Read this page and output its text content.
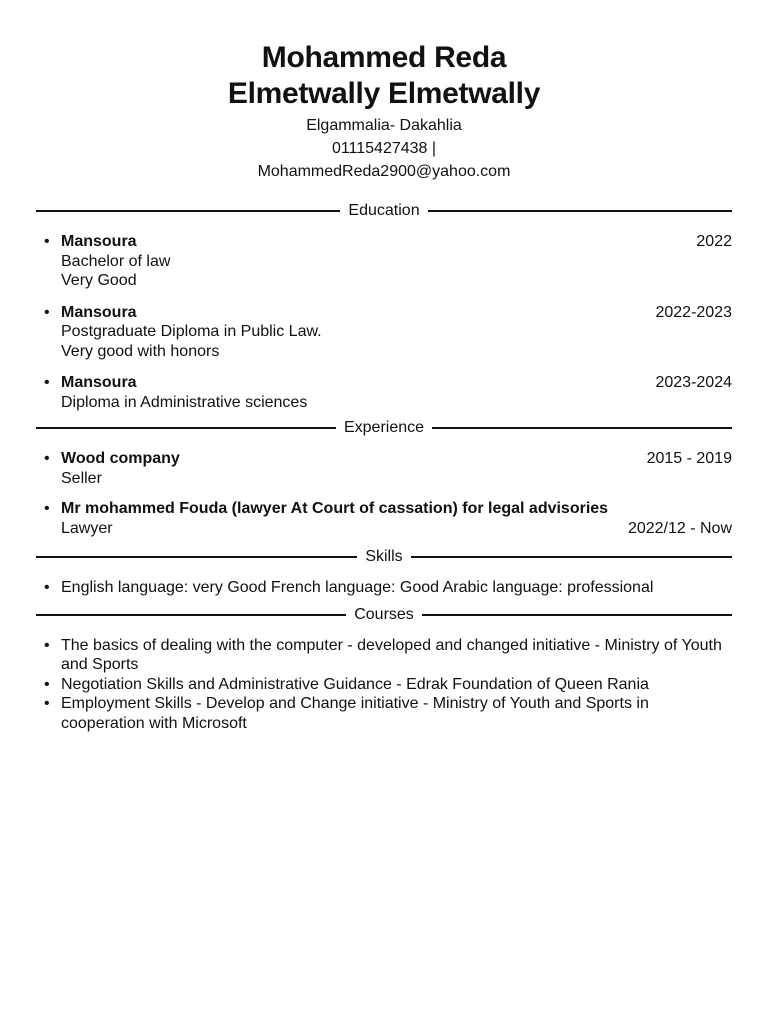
Mohammed Reda
Elmetwally Elmetwally
Elgammalia- Dakahlia
01115427438 |
MohammedReda2900@yahoo.com
Education
• Mansoura	2022
Bachelor of law
Very Good
• Mansoura	2022-2023
Postgraduate Diploma in Public Law.
Very good with honors
• Mansoura	2023-2024
Diploma in Administrative sciences
Experience
• Wood company	2015 - 2019
Seller
• Mr mohammed Fouda (lawyer At Court of cassation) for legal advisories
Lawyer	2022/12 - Now
Skills
• English language: very Good French language: Good Arabic language: professional
Courses
• The basics of dealing with the computer - developed and changed initiative - Ministry of Youth and Sports
• Negotiation Skills and Administrative Guidance - Edrak Foundation of Queen Rania
• Employment Skills - Develop and Change initiative - Ministry of Youth and Sports in cooperation with Microsoft
